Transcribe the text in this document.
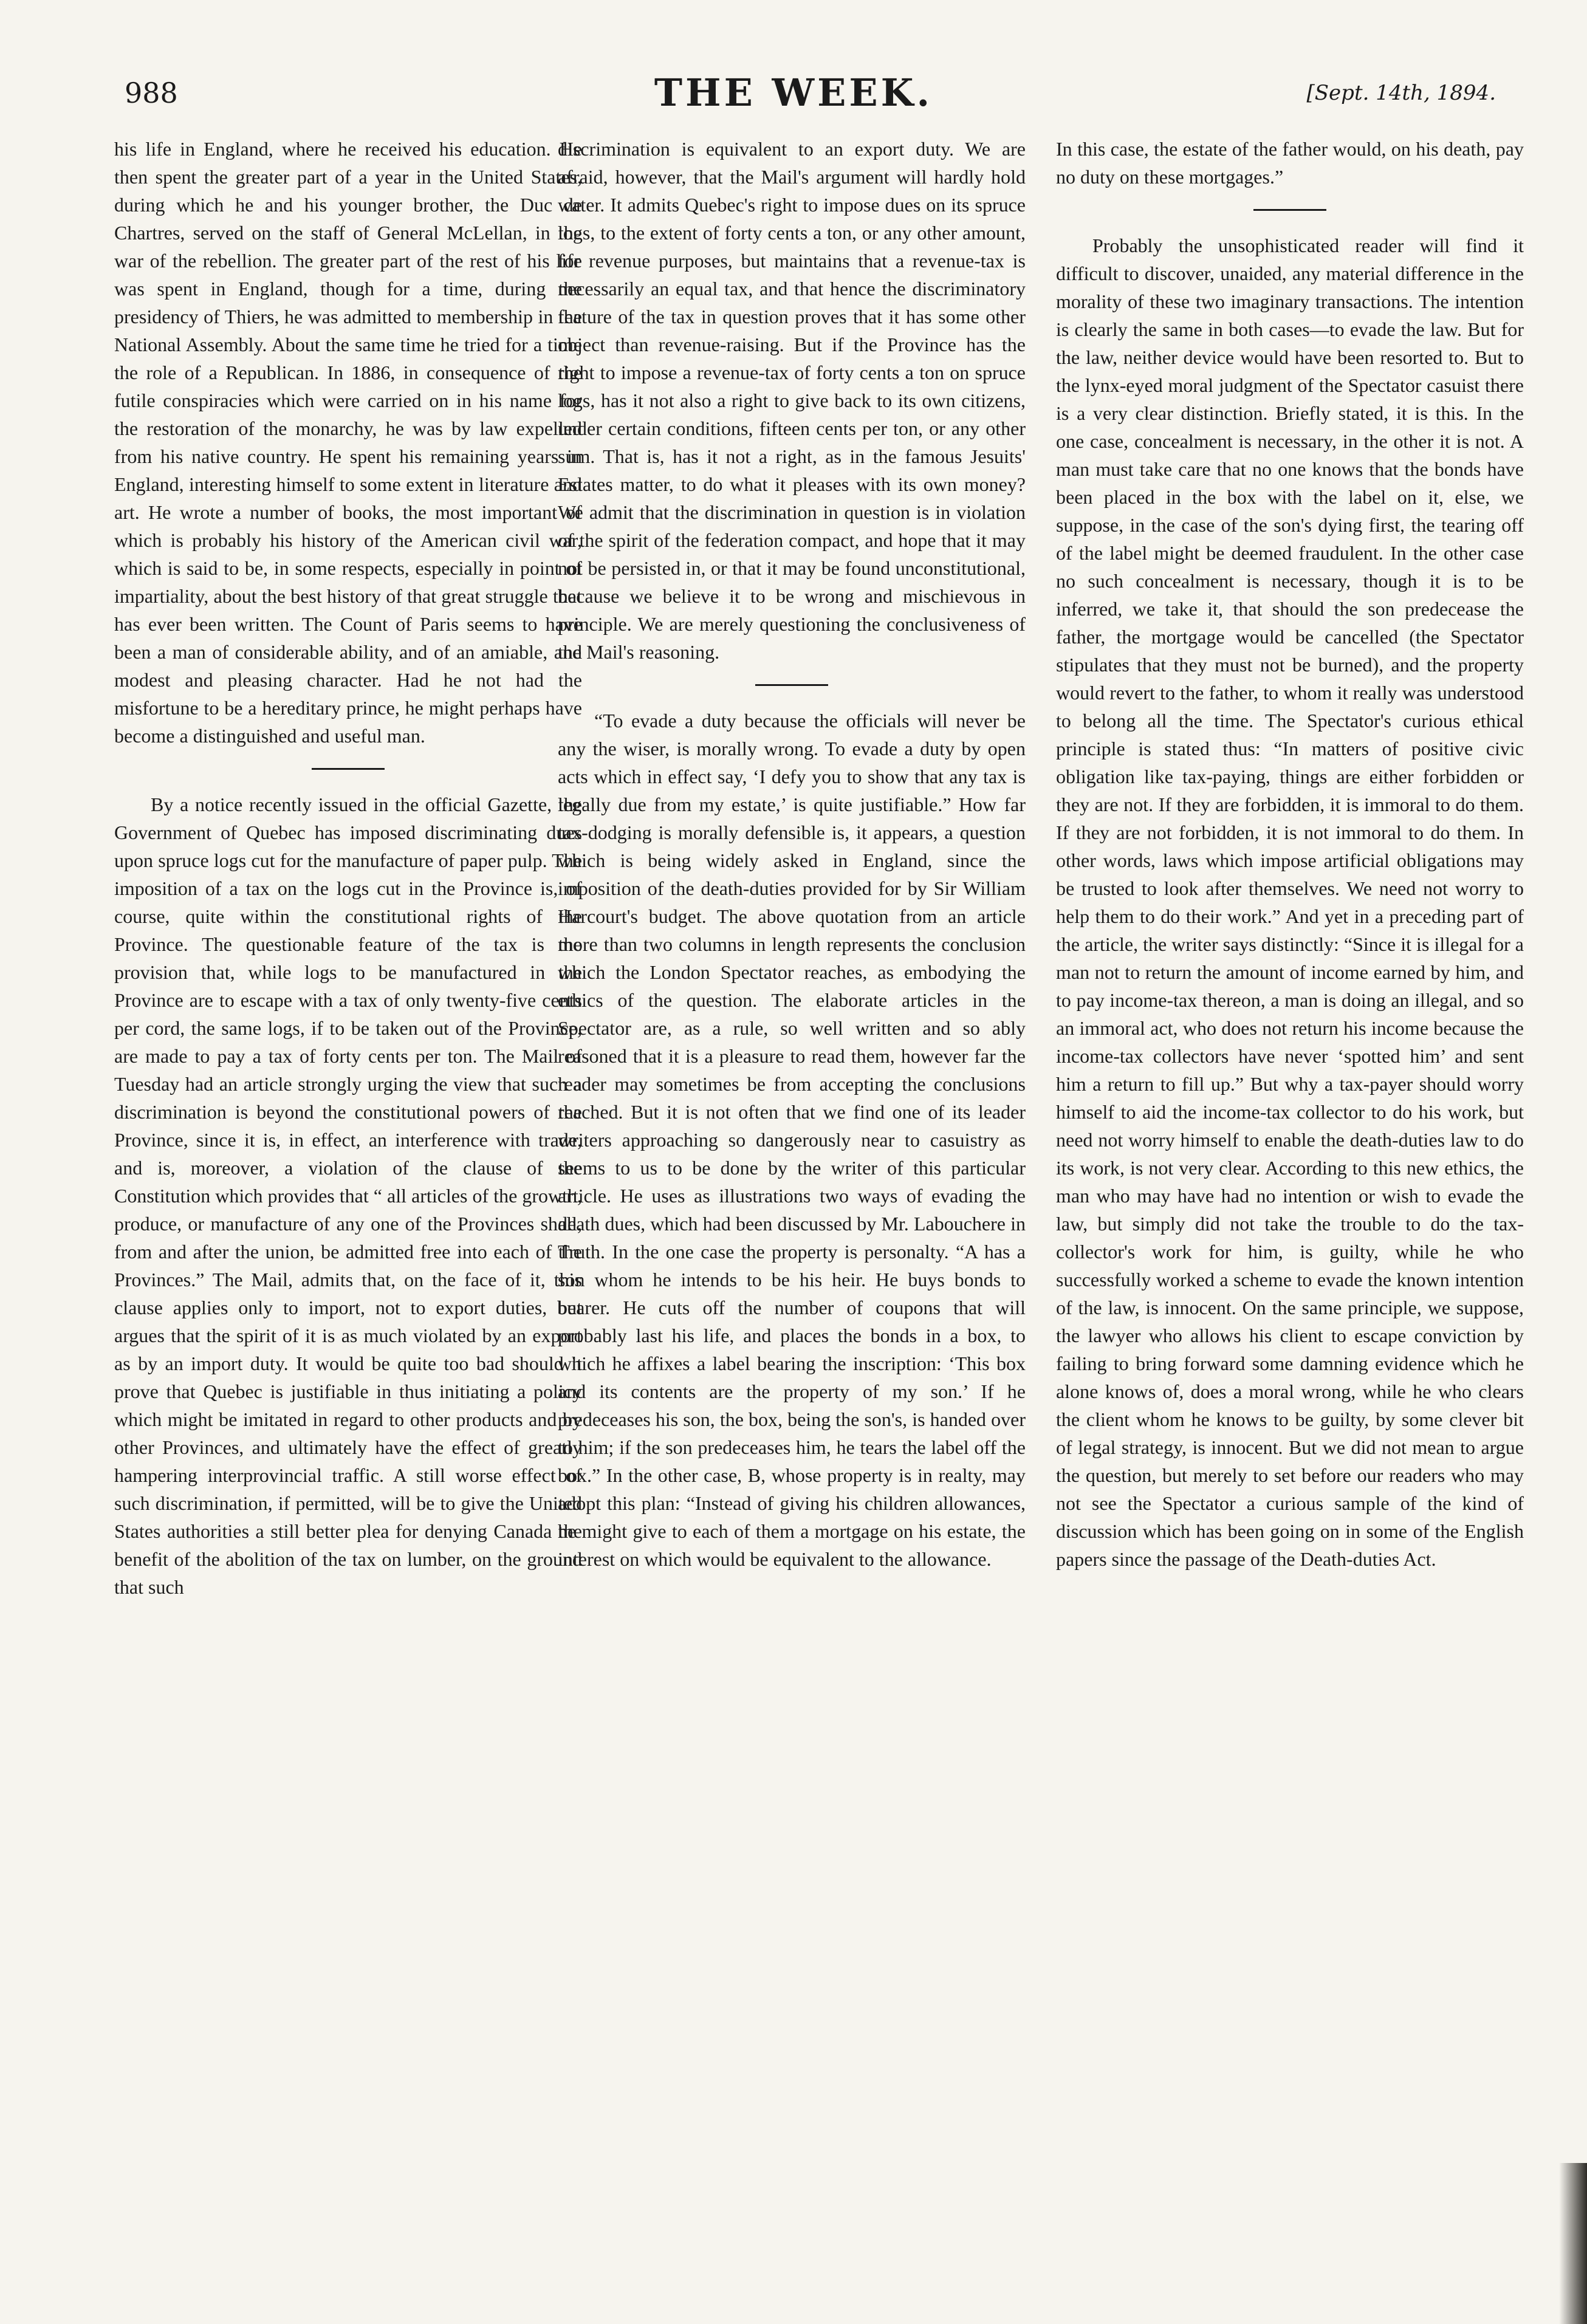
988	THE WEEK.	[Sept. 14th, 1894.

his life in England, where he received his education. He then spent the greater part of a year in the United States, during which he and his younger brother, the Duc de Chartres, served on the staff of General McLellan, in the war of the rebellion. The greater part of the rest of his life was spent in England, though for a time, during the presidency of Thiers, he was admitted to membership in the National Assembly. About the same time he tried for a time the role of a Republican. In 1886, in consequence of the futile conspiracies which were carried on in his name for the restoration of the monarchy, he was by law expelled from his native country. He spent his remaining years in England, interesting himself to some extent in literature and art. He wrote a number of books, the most important of which is probably his history of the American civil war, which is said to be, in some respects, especially in point of impartiality, about the best history of that great struggle that has ever been written. The Count of Paris seems to have been a man of considerable ability, and of an amiable, and modest and pleasing character. Had he not had the misfortune to be a hereditary prince, he might perhaps have become a distinguished and useful man.

By a notice recently issued in the official Gazette, the Government of Quebec has imposed discriminating dues upon spruce logs cut for the manufacture of paper pulp. The imposition of a tax on the logs cut in the Province is, of course, quite within the constitutional rights of the Province. The questionable feature of the tax is the provision that, while logs to be manufactured in the Province are to escape with a tax of only twenty-five cents per cord, the same logs, if to be taken out of the Province, are made to pay a tax of forty cents per ton. The Mail of Tuesday had an article strongly urging the view that such a discrimination is beyond the constitutional powers of the Province, since it is, in effect, an interference with trade, and is, moreover, a violation of the clause of the Constitution which provides that “ all articles of the growth, produce, or manufacture of any one of the Provinces shall, from and after the union, be admitted free into each of the Provinces.” The Mail, admits that, on the face of it, this clause applies only to import, not to export duties, but argues that the spirit of it is as much violated by an export as by an import duty. It would be quite too bad should it prove that Quebec is justifiable in thus initiating a policy which might be imitated in regard to other products and by other Provinces, and ultimately have the effect of greatly hampering interprovincial traffic. A still worse effect of such discrimination, if permitted, will be to give the United States authorities a still better plea for denying Canada the benefit of the abolition of the tax on lumber, on the ground that such

discrimination is equivalent to an export duty. We are afraid, however, that the Mail's argument will hardly hold water. It admits Quebec's right to impose dues on its spruce logs, to the extent of forty cents a ton, or any other amount, for revenue purposes, but maintains that a revenue-tax is necessarily an equal tax, and that hence the discriminatory feature of the tax in question proves that it has some other object than revenue-raising. But if the Province has the right to impose a revenue-tax of forty cents a ton on spruce logs, has it not also a right to give back to its own citizens, under certain conditions, fifteen cents per ton, or any other sum. That is, has it not a right, as in the famous Jesuits' Estates matter, to do what it pleases with its own money? We admit that the discrimination in question is in violation of the spirit of the federation compact, and hope that it may not be persisted in, or that it may be found unconstitutional, because we believe it to be wrong and mischievous in principle. We are merely questioning the conclusiveness of the Mail's reasoning.

“To evade a duty because the officials will never be any the wiser, is morally wrong. To evade a duty by open acts which in effect say, ‘I defy you to show that any tax is legally due from my estate,’ is quite justifiable.” How far tax-dodging is morally defensible is, it appears, a question which is being widely asked in England, since the imposition of the death-duties provided for by Sir William Harcourt's budget. The above quotation from an article more than two columns in length represents the conclusion which the London Spectator reaches, as embodying the ethics of the question. The elaborate articles in the Spectator are, as a rule, so well written and so ably reasoned that it is a pleasure to read them, however far the reader may sometimes be from accepting the conclusions reached. But it is not often that we find one of its leader writers approaching so dangerously near to casuistry as seems to us to be done by the writer of this particular article. He uses as illustrations two ways of evading the death dues, which had been discussed by Mr. Labouchere in Truth. In the one case the property is personalty. “A has a son whom he intends to be his heir. He buys bonds to bearer. He cuts off the number of coupons that will probably last his life, and places the bonds in a box, to which he affixes a label bearing the inscription: ‘This box and its contents are the property of my son.’ If he predeceases his son, the box, being the son's, is handed over to him; if the son predeceases him, he tears the label off the box.” In the other case, B, whose property is in realty, may adopt this plan: “Instead of giving his children allowances, he might give to each of them a mortgage on his estate, the interest on which would be equivalent to the allowance.

In this case, the estate of the father would, on his death, pay no duty on these mortgages.”

Probably the unsophisticated reader will find it difficult to discover, unaided, any material difference in the morality of these two imaginary transactions. The intention is clearly the same in both cases—to evade the law. But for the law, neither device would have been resorted to. But to the lynx-eyed moral judgment of the Spectator casuist there is a very clear distinction. Briefly stated, it is this. In the one case, concealment is necessary, in the other it is not. A man must take care that no one knows that the bonds have been placed in the box with the label on it, else, we suppose, in the case of the son's dying first, the tearing off of the label might be deemed fraudulent. In the other case no such concealment is necessary, though it is to be inferred, we take it, that should the son predecease the father, the mortgage would be cancelled (the Spectator stipulates that they must not be burned), and the property would revert to the father, to whom it really was understood to belong all the time. The Spectator's curious ethical principle is stated thus: “In matters of positive civic obligation like tax-paying, things are either forbidden or they are not. If they are forbidden, it is immoral to do them. If they are not forbidden, it is not immoral to do them. In other words, laws which impose artificial obligations may be trusted to look after themselves. We need not worry to help them to do their work.” And yet in a preceding part of the article, the writer says distinctly: “Since it is illegal for a man not to return the amount of income earned by him, and to pay income-tax thereon, a man is doing an illegal, and so an immoral act, who does not return his income because the income-tax collectors have never ‘spotted him’ and sent him a return to fill up.” But why a tax-payer should worry himself to aid the income-tax collector to do his work, but need not worry himself to enable the death-duties law to do its work, is not very clear. According to this new ethics, the man who may have had no intention or wish to evade the law, but simply did not take the trouble to do the tax-collector's work for him, is guilty, while he who successfully worked a scheme to evade the known intention of the law, is innocent. On the same principle, we suppose, the lawyer who allows his client to escape conviction by failing to bring forward some damning evidence which he alone knows of, does a moral wrong, while he who clears the client whom he knows to be guilty, by some clever bit of legal strategy, is innocent. But we did not mean to argue the question, but merely to set before our readers who may not see the Spectator a curious sample of the kind of discussion which has been going on in some of the English papers since the passage of the Death-duties Act.
